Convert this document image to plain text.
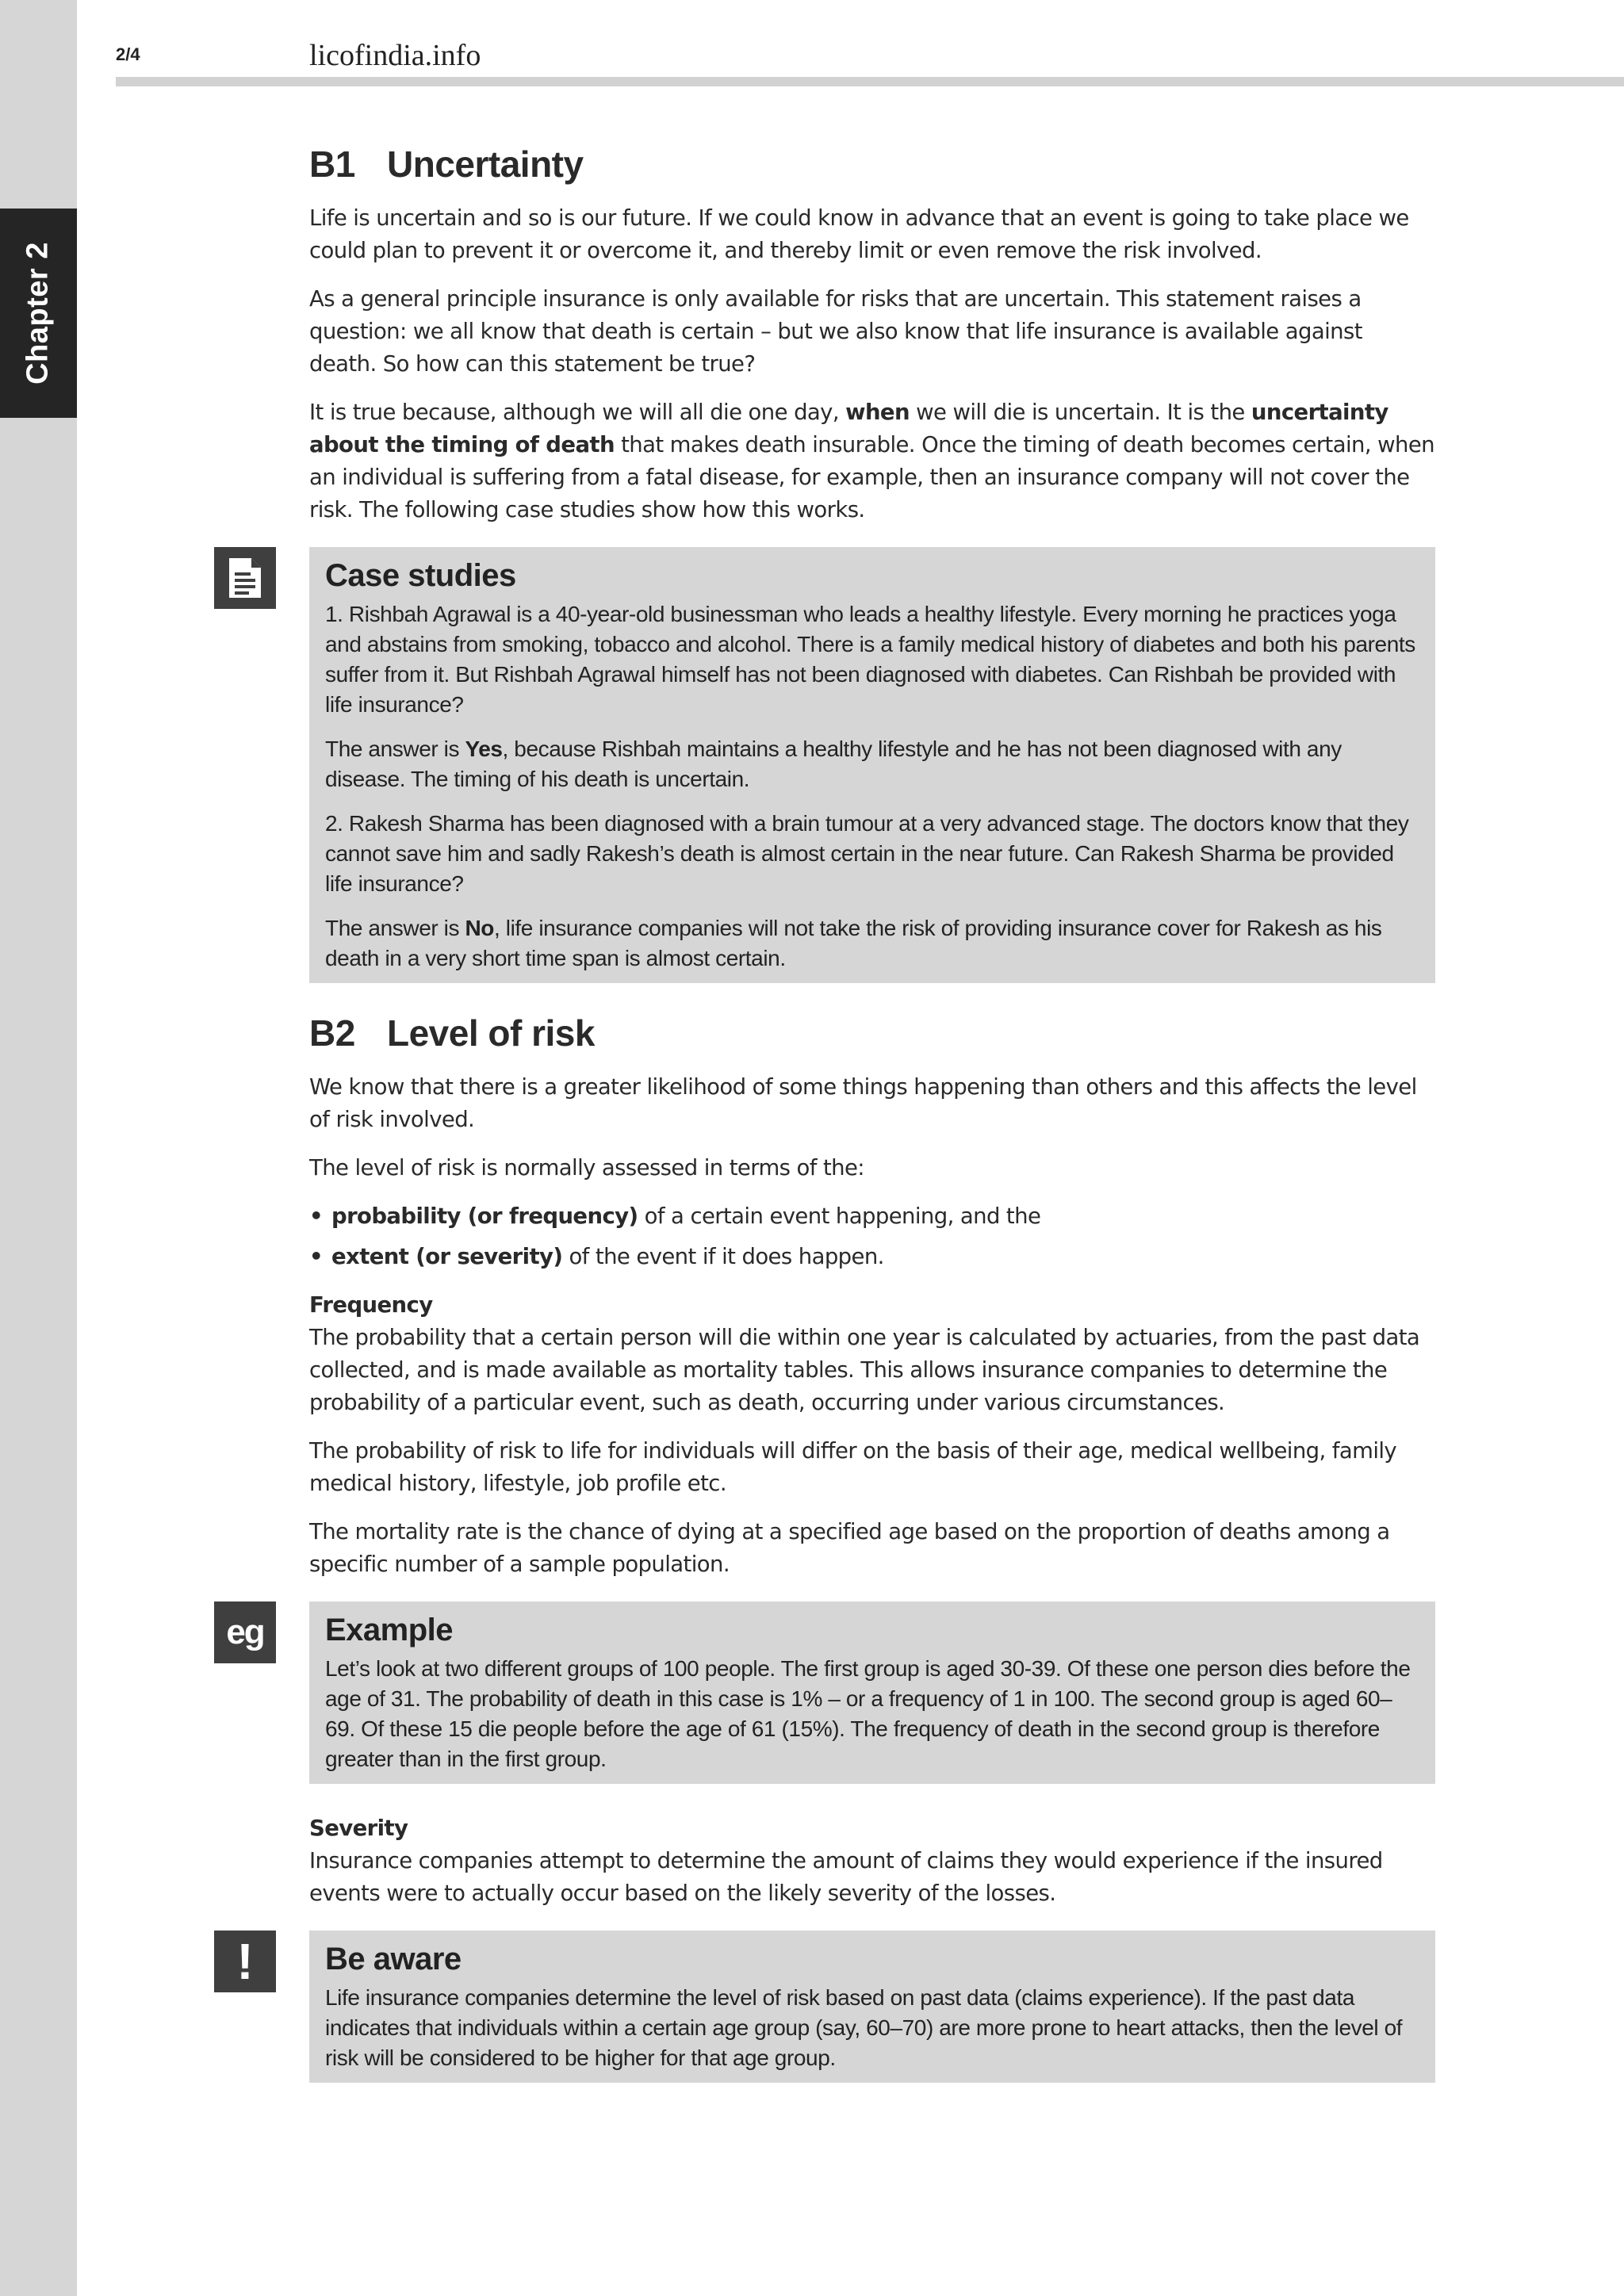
Chapter 2
2/4	licofindia.info
B1 Uncertainty

Life is uncertain and so is our future. If we could know in advance that an event is going to take place we could plan to prevent it or overcome it, and thereby limit or even remove the risk involved.

As a general principle insurance is only available for risks that are uncertain. This statement raises a question: we all know that death is certain – but we also know that life insurance is available against death. So how can this statement be true?

It is true because, although we will all die one day, when we will die is uncertain. It is the uncertainty about the timing of death that makes death insurable. Once the timing of death becomes certain, when an individual is suffering from a fatal disease, for example, then an insurance company will not cover the risk. The following case studies show how this works.

Case studies

1. Rishbah Agrawal is a 40-year-old businessman who leads a healthy lifestyle. Every morning he practices yoga and abstains from smoking, tobacco and alcohol. There is a family medical history of diabetes and both his parents suffer from it. But Rishbah Agrawal himself has not been diagnosed with diabetes. Can Rishbah be provided with life insurance?

The answer is Yes, because Rishbah maintains a healthy lifestyle and he has not been diagnosed with any disease. The timing of his death is uncertain.

2. Rakesh Sharma has been diagnosed with a brain tumour at a very advanced stage. The doctors know that they cannot save him and sadly Rakesh’s death is almost certain in the near future. Can Rakesh Sharma be provided life insurance?

The answer is No, life insurance companies will not take the risk of providing insurance cover for Rakesh as his death in a very short time span is almost certain.

B2 Level of risk

We know that there is a greater likelihood of some things happening than others and this affects the level of risk involved.

The level of risk is normally assessed in terms of the:

• probability (or frequency) of a certain event happening, and the
• extent (or severity) of the event if it does happen.
Frequency

The probability that a certain person will die within one year is calculated by actuaries, from the past data collected, and is made available as mortality tables. This allows insurance companies to determine the probability of a particular event, such as death, occurring under various circumstances.

The probability of risk to life for individuals will differ on the basis of their age, medical wellbeing, family medical history, lifestyle, job profile etc.

The mortality rate is the chance of dying at a specified age based on the proportion of deaths among a specific number of a sample population.

eg Example

Let’s look at two different groups of 100 people. The first group is aged 30-39. Of these one person dies before the age of 31. The probability of death in this case is 1% – or a frequency of 1 in 100. The second group is aged 60–69. Of these 15 die people before the age of 61 (15%). The frequency of death in the second group is therefore greater than in the first group.

Severity

Insurance companies attempt to determine the amount of claims they would experience if the insured events were to actually occur based on the likely severity of the losses.

! Be aware

Life insurance companies determine the level of risk based on past data (claims experience). If the past data indicates that individuals within a certain age group (say, 60–70) are more prone to heart attacks, then the level of risk will be considered to be higher for that age group.
